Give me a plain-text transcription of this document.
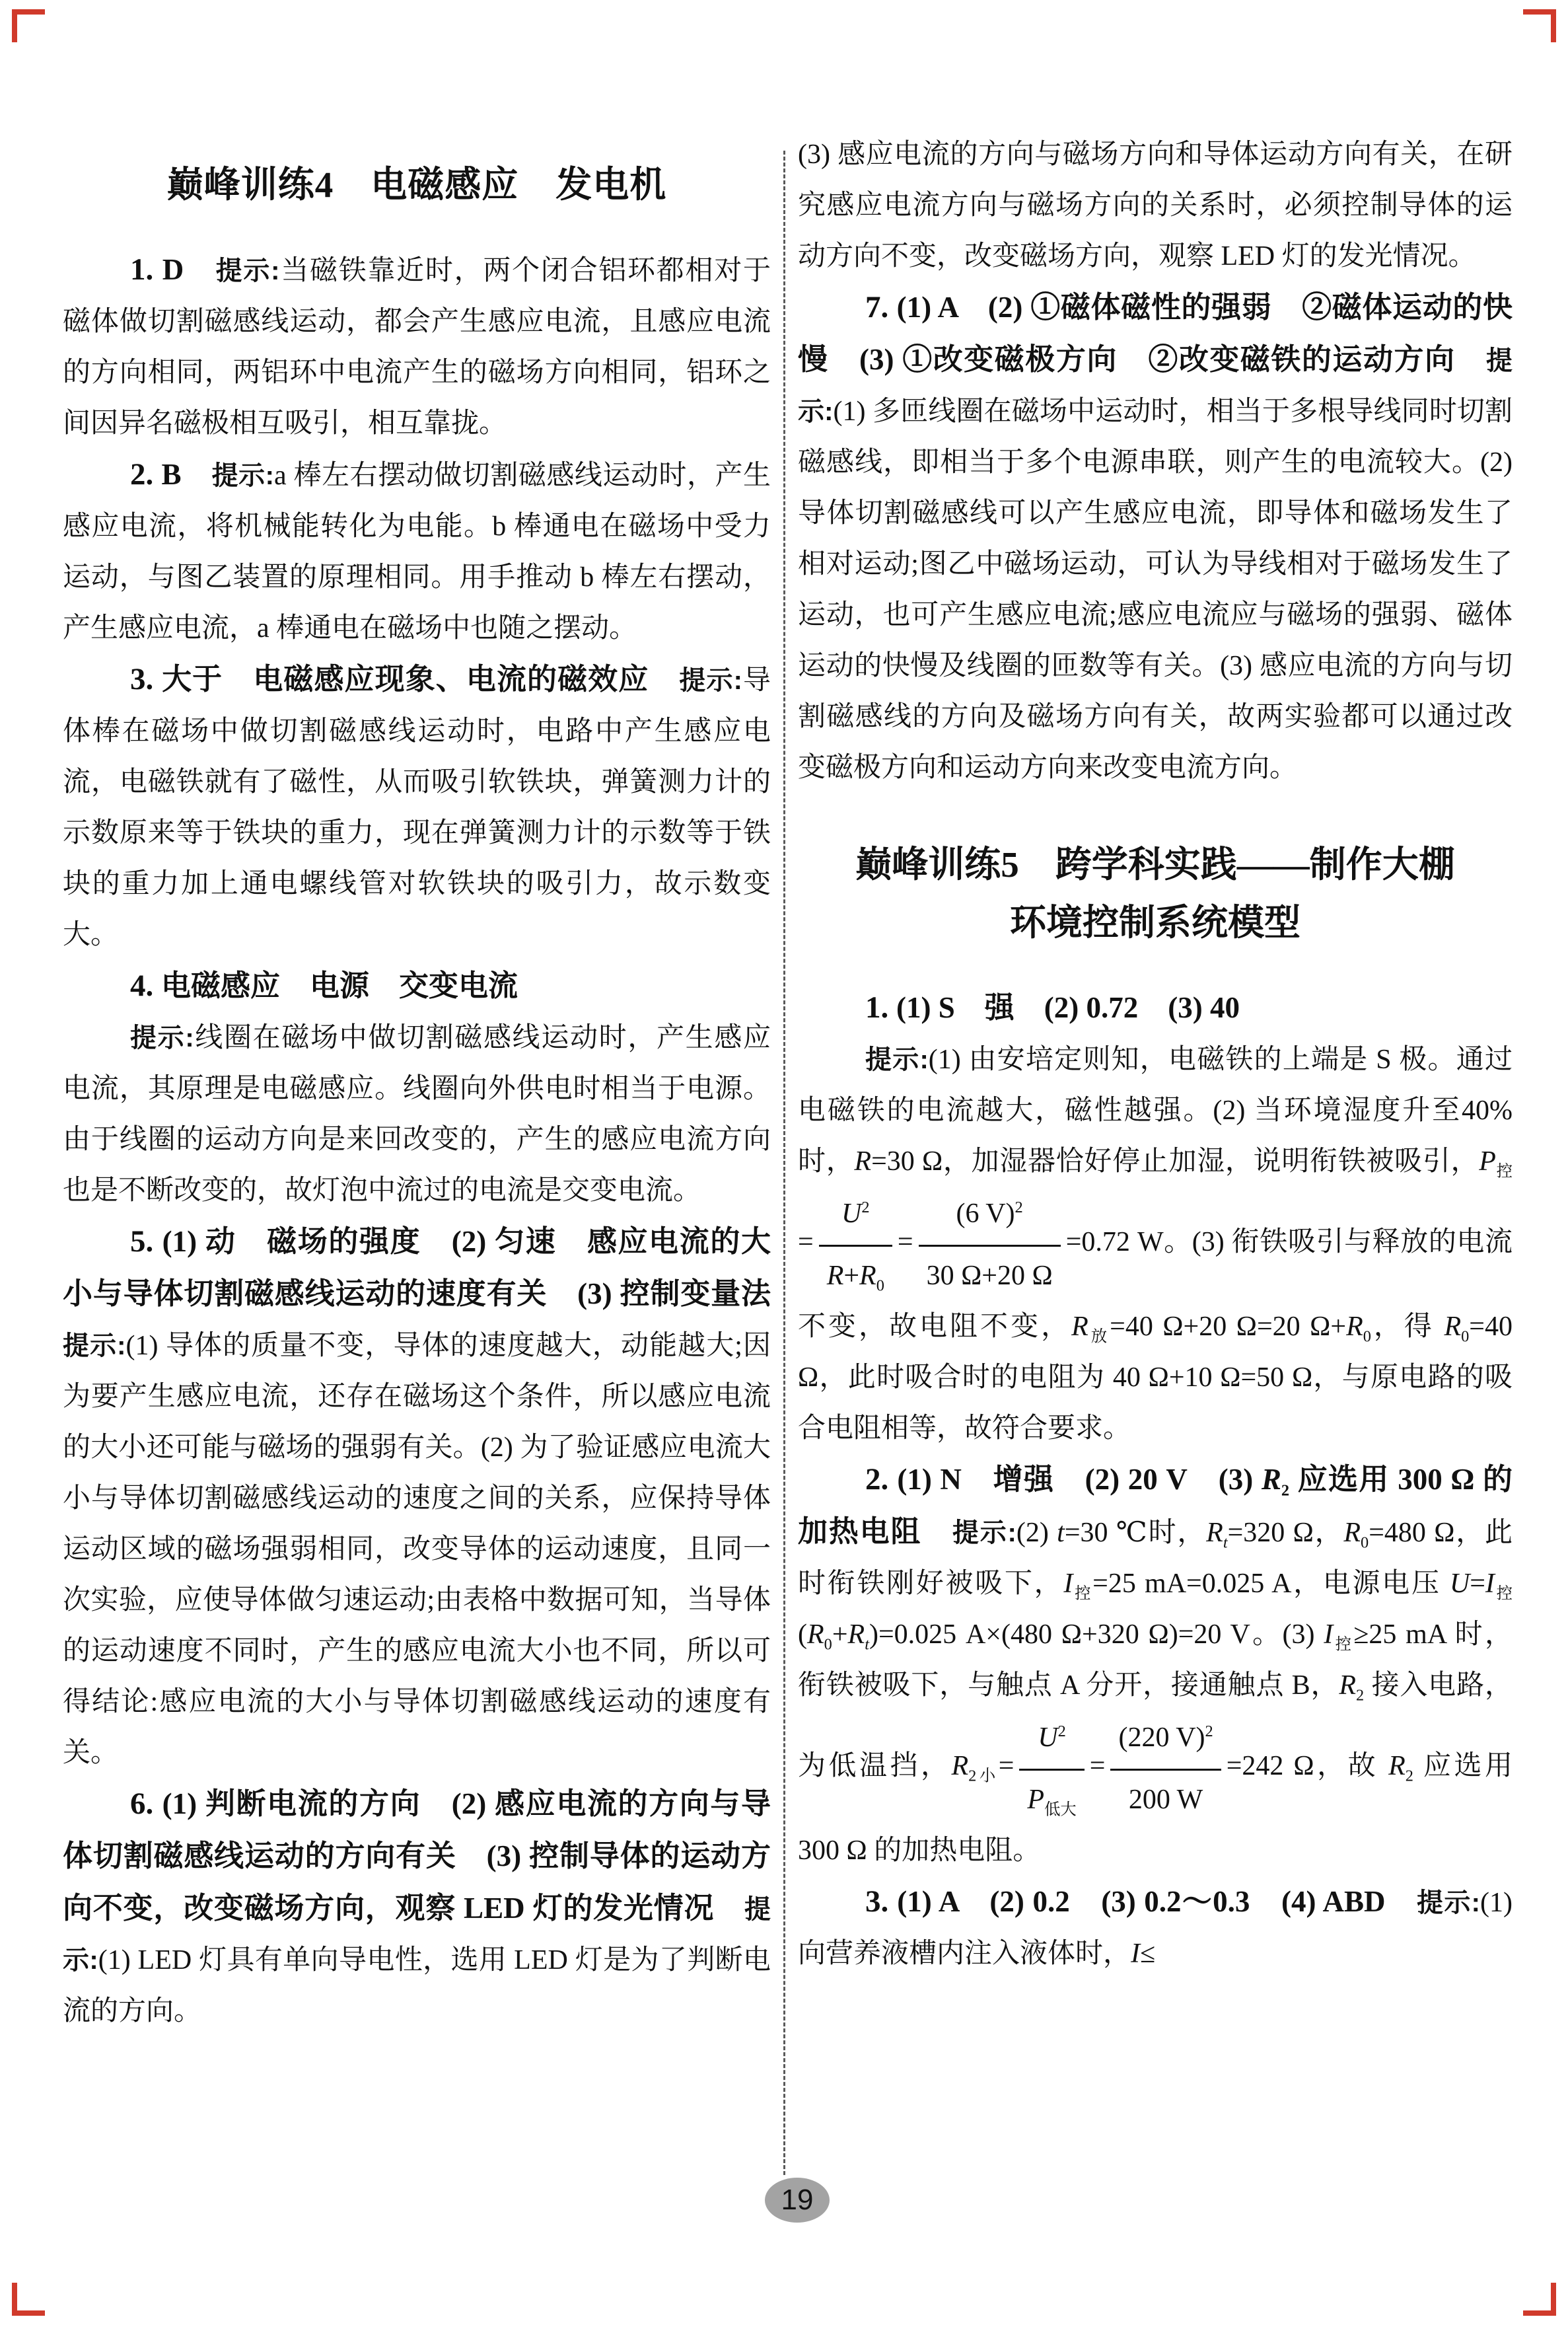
巅峰训练4　电磁感应　发电机
1. D　提示:当磁铁靠近时，两个闭合铝环都相对于磁体做切割磁感线运动，都会产生感应电流，且感应电流的方向相同，两铝环中电流产生的磁场方向相同，铝环之间因异名磁极相互吸引，相互靠拢。
2. B　提示:a 棒左右摆动做切割磁感线运动时，产生感应电流，将机械能转化为电能。b 棒通电在磁场中受力运动，与图乙装置的原理相同。用手推动 b 棒左右摆动，产生感应电流，a 棒通电在磁场中也随之摆动。
3. 大于　电磁感应现象、电流的磁效应　提示:导体棒在磁场中做切割磁感线运动时，电路中产生感应电流，电磁铁就有了磁性，从而吸引软铁块，弹簧测力计的示数原来等于铁块的重力，现在弹簧测力计的示数等于铁块的重力加上通电螺线管对软铁块的吸引力，故示数变大。
4. 电磁感应　电源　交变电流
提示:线圈在磁场中做切割磁感线运动时，产生感应电流，其原理是电磁感应。线圈向外供电时相当于电源。由于线圈的运动方向是来回改变的，产生的感应电流方向也是不断改变的，故灯泡中流过的电流是交变电流。
5. (1) 动　磁场的强度　(2) 匀速　感应电流的大小与导体切割磁感线运动的速度有关　(3) 控制变量法　提示:(1) 导体的质量不变，导体的速度越大，动能越大;因为要产生感应电流，还存在磁场这个条件，所以感应电流的大小还可能与磁场的强弱有关。(2) 为了验证感应电流大小与导体切割磁感线运动的速度之间的关系，应保持导体运动区域的磁场强弱相同，改变导体的运动速度，且同一次实验，应使导体做匀速运动;由表格中数据可知，当导体的运动速度不同时，产生的感应电流大小也不同，所以可得结论:感应电流的大小与导体切割磁感线运动的速度有关。
6. (1) 判断电流的方向　(2) 感应电流的方向与导体切割磁感线运动的方向有关　(3) 控制导体的运动方向不变，改变磁场方向，观察 LED 灯的发光情况　提示:(1) LED 灯具有单向导电性，选用 LED 灯是为了判断电流的方向。
(3) 感应电流的方向与磁场方向和导体运动方向有关，在研究感应电流方向与磁场方向的关系时，必须控制导体的运动方向不变，改变磁场方向，观察 LED 灯的发光情况。
7. (1) A　(2) ①磁体磁性的强弱　②磁体运动的快慢　(3) ①改变磁极方向　②改变磁铁的运动方向　提示:(1) 多匝线圈在磁场中运动时，相当于多根导线同时切割磁感线，即相当于多个电源串联，则产生的电流较大。(2) 导体切割磁感线可以产生感应电流，即导体和磁场发生了相对运动;图乙中磁场运动，可认为导线相对于磁场发生了运动，也可产生感应电流;感应电流应与磁场的强弱、磁体运动的快慢及线圈的匝数等有关。(3) 感应电流的方向与切割磁感线的方向及磁场方向有关，故两实验都可以通过改变磁极方向和运动方向来改变电流方向。
巅峰训练5　跨学科实践——制作大棚
环境控制系统模型
1. (1) S　强　(2) 0.72　(3) 40
提示:(1) 由安培定则知，电磁铁的上端是 S 极。通过电磁铁的电流越大，磁性越强。(2) 当环境湿度升至40%时，R=30 Ω，加湿器恰好停止加湿，说明衔铁被吸引，$P_控= \frac{U^2}{R+R_0} = \frac{(6 V)^2}{30 \Omega+20 \Omega} =0.72$ W。(3) 衔铁吸引与释放的电流不变，故电阻不变，$R_放=40$ Ω+20 Ω=20 $\Omega+R_0$，得 $R_0=40$ Ω，此时吸合时的电阻为 40 Ω+10 Ω=50 Ω，与原电路的吸合电阻相等，故符合要求。
2. (1) N　增强　(2) 20 V　(3) $R_2$ 应选用 300 Ω 的加热电阻　提示:(2) t=30 ℃时，$R_t=320$ Ω，$R_0=480$ Ω，此时衔铁刚好被吸下，$I_控=25$ mA=0.025 A，电源电压 $U=I_控(R_0+R_t)=0.025$ A×(480 Ω+320 Ω)=20 V。(3) $I_控\ge 25$ mA 时，衔铁被吸下，与触点 A 分开，接通触点 B，$R_2$ 接入电路，为低温挡，$R_{2小}= \frac{U^2}{P_{低大}} = \frac{(220 V)^2}{200 W} =242$ Ω，故 $R_2$ 应选用 300 Ω 的加热电阻。
3. (1) A　(2) 0.2　(3) 0.2～0.3　(4) ABD　提示:(1) 向营养液槽内注入液体时，I≤
19
